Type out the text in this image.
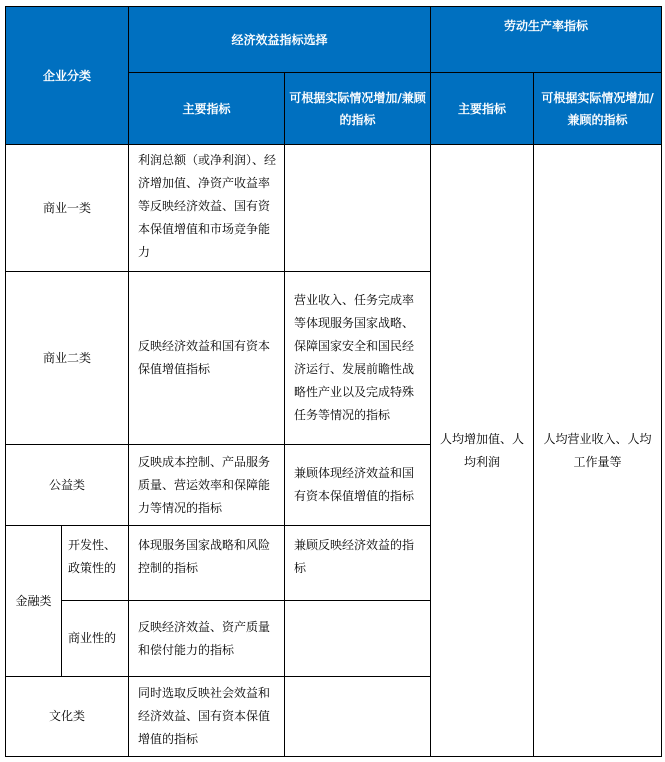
企业分类		经济效益指标选择		劳动生产率指标	
		主要指标	可根据实际情况增加/兼顾的指标	主要指标	可根据实际情况增加/兼顾的指标
商业一类		利润总额（或净利润）、经济增加值、净资产收益率等反映经济效益、国有资本保值增值和市场竞争能力		人均增加值、人均利润	人均营业收入、人均工作量等
商业二类		反映经济效益和国有资本保值增值指标	营业收入、任务完成率等体现服务国家战略、保障国家安全和国民经济运行、发展前瞻性战略性产业以及完成特殊任务等情况的指标		
公益类		反映成本控制、产品服务质量、营运效率和保障能力等情况的指标	兼顾体现经济效益和国有资本保值增值的指标		
金融类	开发性、政策性的	体现服务国家战略和风险控制的指标	兼顾反映经济效益的指标		
	商业性的	反映经济效益、资产质量和偿付能力的指标			
文化类		同时选取反映社会效益和经济效益、国有资本保值增值的指标			
